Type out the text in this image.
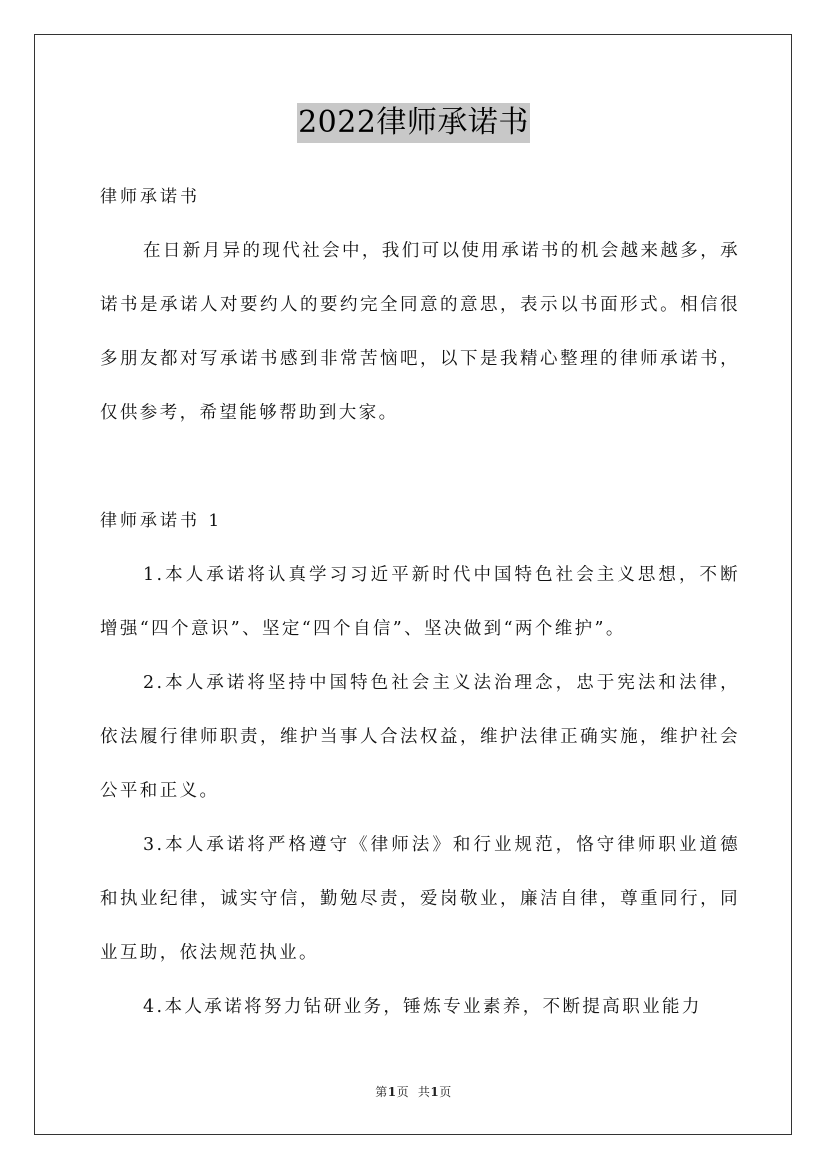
2022律师承诺书

律师承诺书

在日新月异的现代社会中，我们可以使用承诺书的机会越来越多，承诺书是承诺人对要约人的要约完全同意的意思，表示以书面形式。相信很多朋友都对写承诺书感到非常苦恼吧，以下是我精心整理的律师承诺书，仅供参考，希望能够帮助到大家。

律师承诺书 1

1.本人承诺将认真学习习近平新时代中国特色社会主义思想，不断增强“四个意识”、坚定“四个自信”、坚决做到“两个维护”。

2.本人承诺将坚持中国特色社会主义法治理念，忠于宪法和法律，依法履行律师职责，维护当事人合法权益，维护法律正确实施，维护社会公平和正义。

3.本人承诺将严格遵守《律师法》和行业规范，恪守律师职业道德和执业纪律，诚实守信，勤勉尽责，爱岗敬业，廉洁自律，尊重同行，同业互助，依法规范执业。

4.本人承诺将努力钻研业务，锤炼专业素养，不断提高职业能力

第1页 共1页
